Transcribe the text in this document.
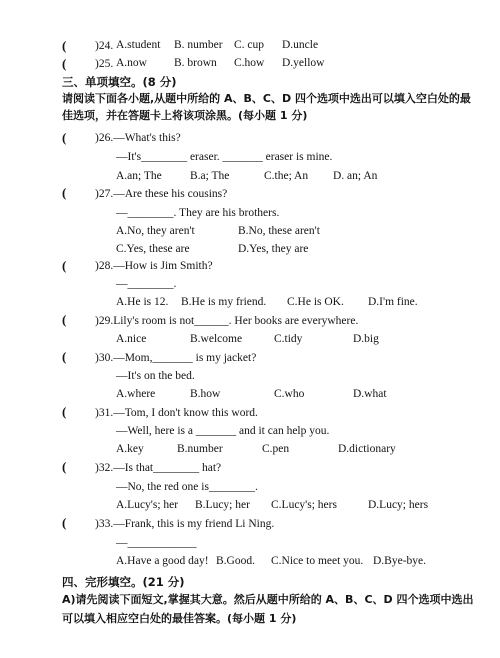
( )24. A.student B. number C. cup D.uncle
( )25. A.now B. brown C.how D.yellow
三、单项填空。(8 分)
请阅读下面各小题,从题中所给的 A、B、C、D 四个选项中选出可以填入空白处的最
佳选项，并在答题卡上将该项涂黑。(每小题 1 分)
( )26.—What's this?
—It's________ eraser. _______ eraser is mine.
A.an; The B.a; The	C.the; An D. an; An
( )27.—Are these his cousins?
—________. They are his brothers.
A.No, they aren't	B.No, these aren't
C.Yes, these are	D.Yes, they are
( )28.—How is Jim Smith?
—________.
A.He is 12. B.He is my friend. C.He is OK. D.I'm fine.
( )29.Lily's room is not______. Her books are everywhere.
A.nice	B.welcome	C.tidy	D.big
( )30.—Mom,_______ is my jacket?
—It's on the bed.
A.where	B.how	C.who	D.what
( )31.—Tom, I don't know this word.
—Well, here is a _______ and it can help you.
A.key	B.number	C.pen	D.dictionary
( )32.—Is that________ hat?
—No, the red one is________.
A.Lucy's; her B.Lucy; her C.Lucy's; hers	D.Lucy; hers
( )33.—Frank, this is my friend Li Ning.
—____________
A.Have a good day! B.Good. C.Nice to meet you. D.Bye-bye.
四、完形填空。(21 分)
A)请先阅读下面短文,掌握其大意。然后从题中所给的 A、B、C、D 四个选项中选出
可以填入相应空白处的最佳答案。(每小题 1 分)
